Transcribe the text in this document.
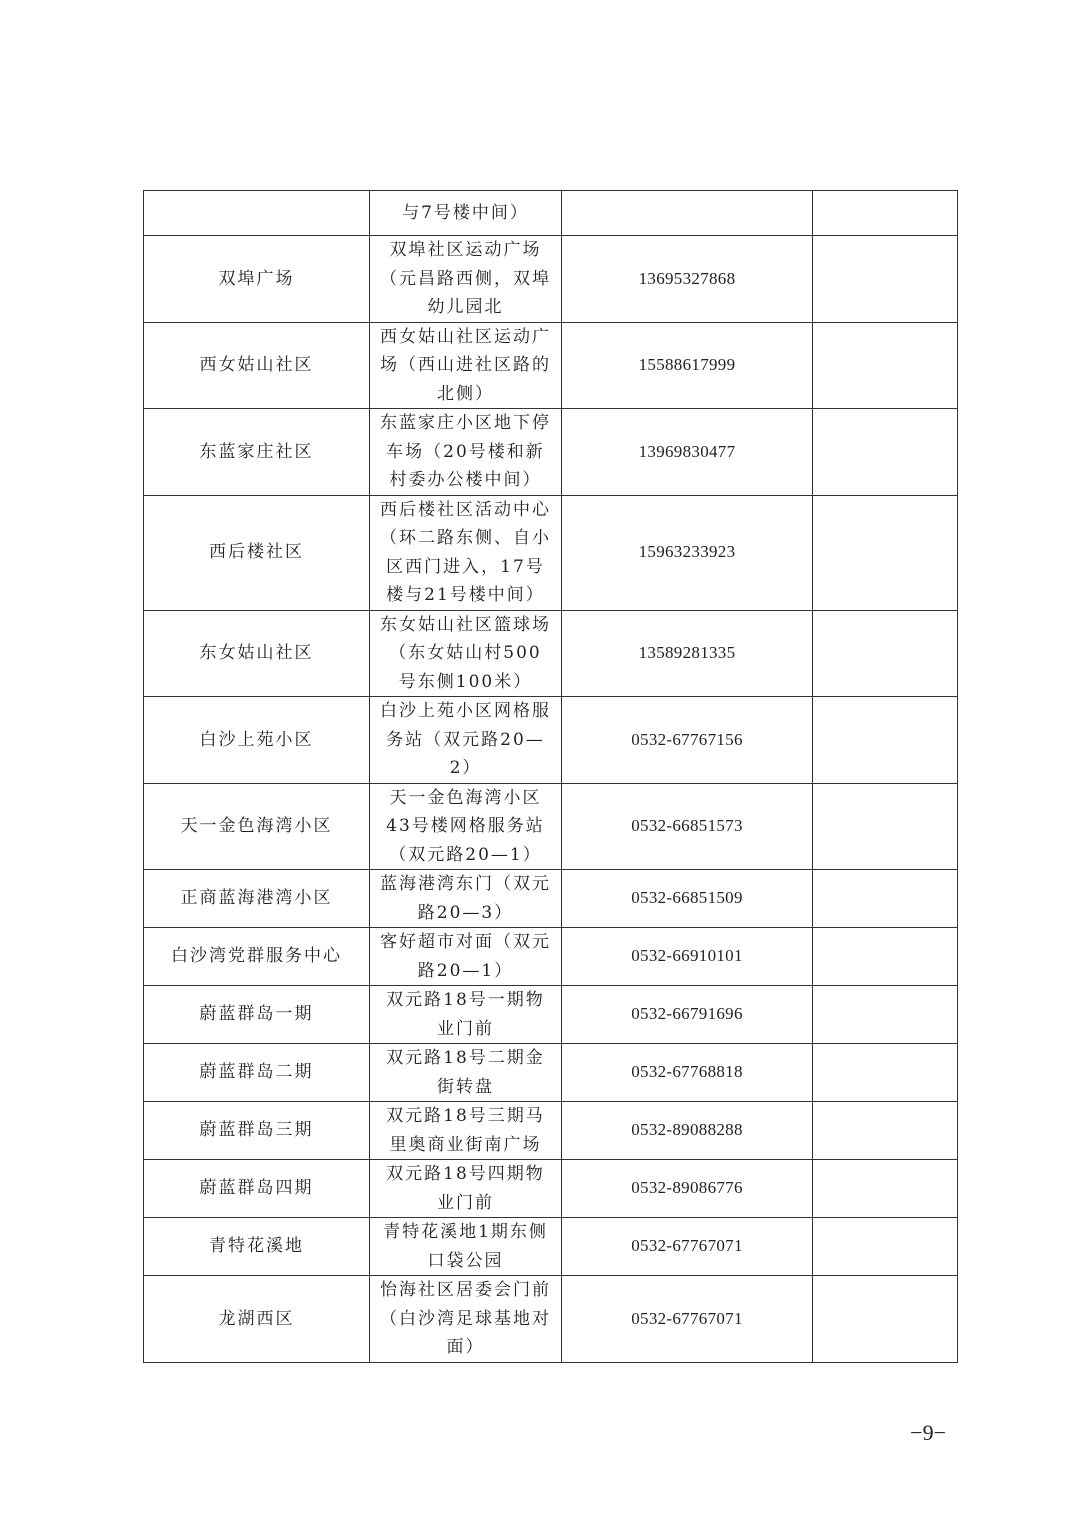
	与7号楼中间）		
双埠广场	双埠社区运动广场（元昌路西侧，双埠幼儿园北	13695327868	
西女姑山社区	西女姑山社区运动广场（西山进社区路的北侧）	15588617999	
东蓝家庄社区	东蓝家庄小区地下停车场（20号楼和新村委办公楼中间）	13969830477	
西后楼社区	西后楼社区活动中心（环二路东侧、自小区西门进入，17号楼与21号楼中间）	15963233923	
东女姑山社区	东女姑山社区篮球场（东女姑山村500号东侧100米）	13589281335	
白沙上苑小区	白沙上苑小区网格服务站（双元路20—2）	0532-67767156	
天一金色海湾小区	天一金色海湾小区43号楼网格服务站（双元路20—1）	0532-66851573	
正商蓝海港湾小区	蓝海港湾东门（双元路20—3）	0532-66851509	
白沙湾党群服务中心	客好超市对面（双元路20—1）	0532-66910101	
蔚蓝群岛一期	双元路18号一期物业门前	0532-66791696	
蔚蓝群岛二期	双元路18号二期金街转盘	0532-67768818	
蔚蓝群岛三期	双元路18号三期马里奥商业街南广场	0532-89088288	
蔚蓝群岛四期	双元路18号四期物业门前	0532-89086776	
青特花溪地	青特花溪地1期东侧口袋公园	0532-67767071	
龙湖西区	怡海社区居委会门前（白沙湾足球基地对面）	0532-67767071	
−9−
